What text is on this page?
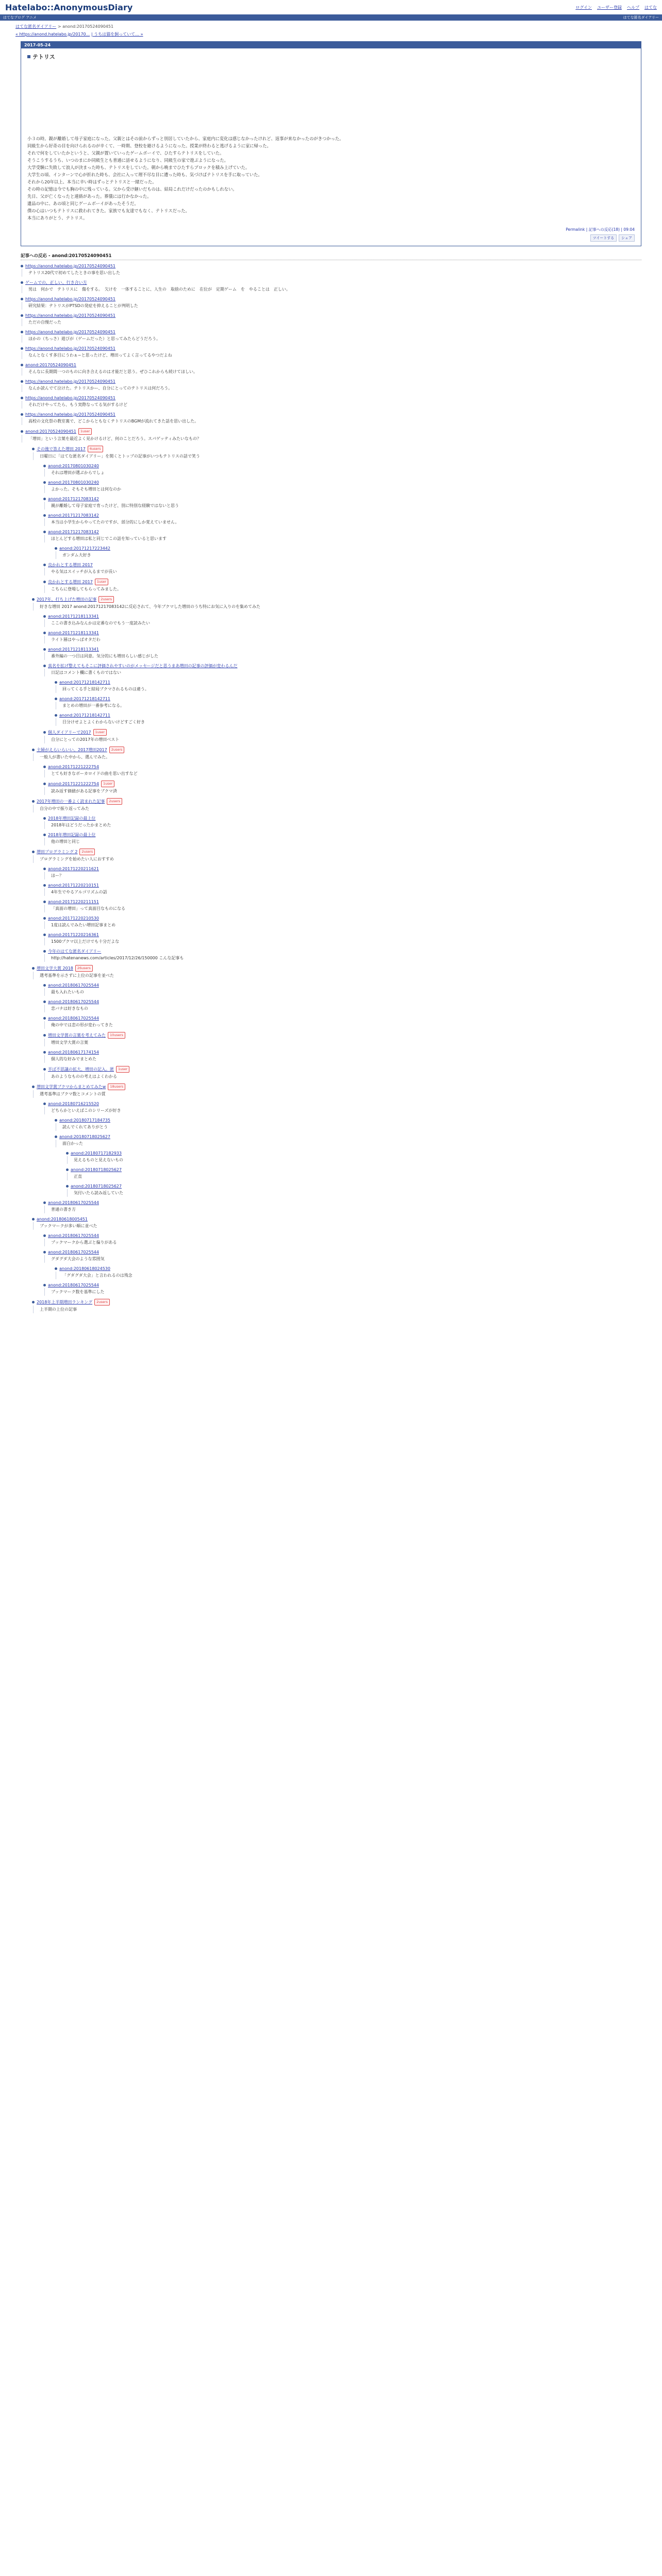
Hatelabo::AnonymousDiary	ログイン ユーザー登録 ヘルプ はてな
はてなブログ アニメ	はてな匿名ダイアリー
はてな匿名ダイアリー > anond:20170524090451
« https://anond.hatelabo.jp/20170... | うちは猫を飼っていて… »
2017-05-24
テトリス

小３の時。親が離婚して母子家庭になった。父親とはその前からずっと別居していたから、家庭内に変化は感じなかったけれど、返事が来なかったのがきつかった。

同級生から好奇の目を向けられるのが辛くて、一時期、登校を避けるようになった。授業が終わると逃げるように家に帰った。

それで何をしていたかというと、父親が置いていったゲームボーイで、ひたすらテトリスをしていた。

そうこうするうち、いつのまにか同級生とも普通に話せるようになり、同級生の家で遊ぶようになった。

大学受験に失敗して浪人が決まった時も、テトリスをしていた。朝から晩までひたすらブロックを積み上げていた。

大学生の頃、インターンで心が折れた時も、会社に入って理不尽な目に遭った時も、気づけばテトリスを手に取っていた。

それから20年以上、本当に辛い時はずっとテトリスと一緒だった。

その時の記憶は今でも胸の中に残っている。父から受け継いだものは、結局これだけだったのかもしれない。

先日、父が亡くなったと連絡があった。葬儀には行かなかった。

遺品の中に、あの頃と同じゲームボーイがあったそうだ。

僕の心はいつもテトリスに救われてきた。家族でも友達でもなく、テトリスだった。

本当にありがとう、テトリス。

Permalink | 記事への反応(18) | 09:04
ツイートする	シェア
記事への反応 - anond:20170524090451
https://anond.hatelabo.jp/20170524090451
テトリス20代で初めてしたときの事を思い出した
ゲームでの、正しい、行き合い方
男は　何かで　テトリスに　傷をする。　欠けを　一体することに、人生の　取捨のために　在位が　定期ゲーム　を　やることは　正しい。
https://anond.hatelabo.jp/20170524090451
研究結果：テトリスがPTSDの発症を抑えることが判明した
https://anond.hatelabo.jp/20170524090451
ただの自慢だった
https://anond.hatelabo.jp/20170524090451
ほかの（ちっさ）遊びが（ゲームだった）と思ってみたらどうだろう。
https://anond.hatelabo.jp/20170524090451
なんとなくす多目にうわぁ~と思ったけど、増田ってよく言ってるやつだよね
anond:20170524090451
そんなに長期間一つのものに向き合えるのは才能だと思う。ぜひこれからも続けてほしい。
https://anond.hatelabo.jp/20170524090451
なんか読んでて泣けた。テトリスかー、自分にとってのテトリスは何だろう。
https://anond.hatelabo.jp/20170524090451
それだけやってたら、もう実際なってる気がするけど
https://anond.hatelabo.jp/20170524090451
高校の文化祭の教室裏で、どこからともなくテトリスのBGMが流れてきた話を思い出した。
anond:20170524090451	1user
「増田」という言葉を最近よく見かけるけど、何のことだろう。スパゲッティみたいなもの？
その後で答えた増田 2017	6users
日曜日に「はてな匿名ダイアリー」を開くとトップの記事がいつもテトリスの話で笑う
anond:20170801030240
それは増田が選ぶからでしょ
anond:20170801030240
よかった。そもそも増田とは何なのか
anond:20171217083142
親が離婚して母子家庭で育ったけど、別に特別な経験ではないと思う
anond:20171217083142
本当は小学生からやってたのですが、部分的にしか覚えていません。
anond:20171217083142
ほとんどする増田は私と同じでこの話を知っていると思います
anond:20171217223442
ガンダム大好き
良かれとする増田 2017
やる気はスイッチが入るまでが長い
良かれとする増田 2017	1user
こちらに登場してもらってみました。
2017年、打ち上げた増田の記事	2users
好きな増田 2017 anond:20171217083142に反応されて、今年ブクマした増田のうち特にお気に入りのを集めてみた
anond:20171218113341
ここの書き込みなんかは定番なのでもう一度読みたい
anond:20171218113341
ライト層はやっぱオタだわ
anond:20171218113341
番外編の一つ目は同意。気分的にも増田らしい感じがした
真名を拡げ整えてもそこに評価されやすいのがメッセージだと思うまあ増田の記事の評価が変わるんだ
日記はコメント欄に書くものではない
anond:20171218142711
回ってくる手と結局ブクマされるものは違う。
anond:20171218142711
まとめの増田が一番参考になる。
anond:20171218142711
目分けせよとよくわからないけどすごく好き
個人ダイアリーで2017	1user
自分にとっての2017年の増田ベスト
主婦がえらいらいい。2017増田2017	2users
一般人が書いた中から、選んでみた。
anond:20171221222754
とても好きなボーカロイドの曲を思い出すなど
anond:20171221222754	1user
読み返す価値がある記事をブクマ済
2017年増田の一番よく読まれた記事	2users
自分の中で振り返ってみた
2018年増田記録の最上位
2018年はどうだったかまとめた
2018年増田記録の最上位
他の増田と同じ
増田プログラミング 2	2users
プログラミングを始めたい人におすすめ
anond:20171220211621
ほー？
anond:20171220210151
4年生でやるアルゴリズムの話
anond:20171220211151
「真面の増田」って真面目なものになる
anond:20171220210530
1度は読んでみたい増田記事まとめ
anond:20171220216361
1500ブクマ以上だけでも十分だよな
今年のはてな匿名ダイアリー
http://hatenanews.com/articles/2017/12/26/150000 こんな記事も
増田文学大賞 2018	26users
選考基準を示さずに上位の記事を並べた
anond:20180617025544
最も入れたいもの
anond:20180617025544
恋バナは好きなもの
anond:20180617025544
俺の中では恋の形が変わってきた
増田文学賞の言葉を考えてみた	10users
増田文学大賞の言葉
anond:20180617174154
個人的な好みでまとめた
半ば不思議の拡大、増田の記入。匿	1user
あのようなものの考えはよくわかる
増田文学賞ブクマからまとめてみたw	18users
選考基準はブクマ数とコメントの質
anond:20180716215520
どちらかといえばこのシリーズが好き
anond:20180717184735
読んでくれてありがとう
anond:20180718025627
面白かった
anond:20180717182933
見えるものと見えないもの
anond:20180718025627
正直
anond:20180718025627
気付いたら読み返していた
anond:20180617025544
普通の書き方
anond:20180618005451
ブックマークが多い順に並べた
anond:20180617025544
ブックマークから選ぶと偏りがある
anond:20180617025544
グダグダ大会のような雰囲気
anond:20180618024530
「グダグダ大会」と言われるのは残念
anond:20180617025544
ブックマーク数を基準にした
2018年上半期増田ランキング	2users
上半期の上位の記事
